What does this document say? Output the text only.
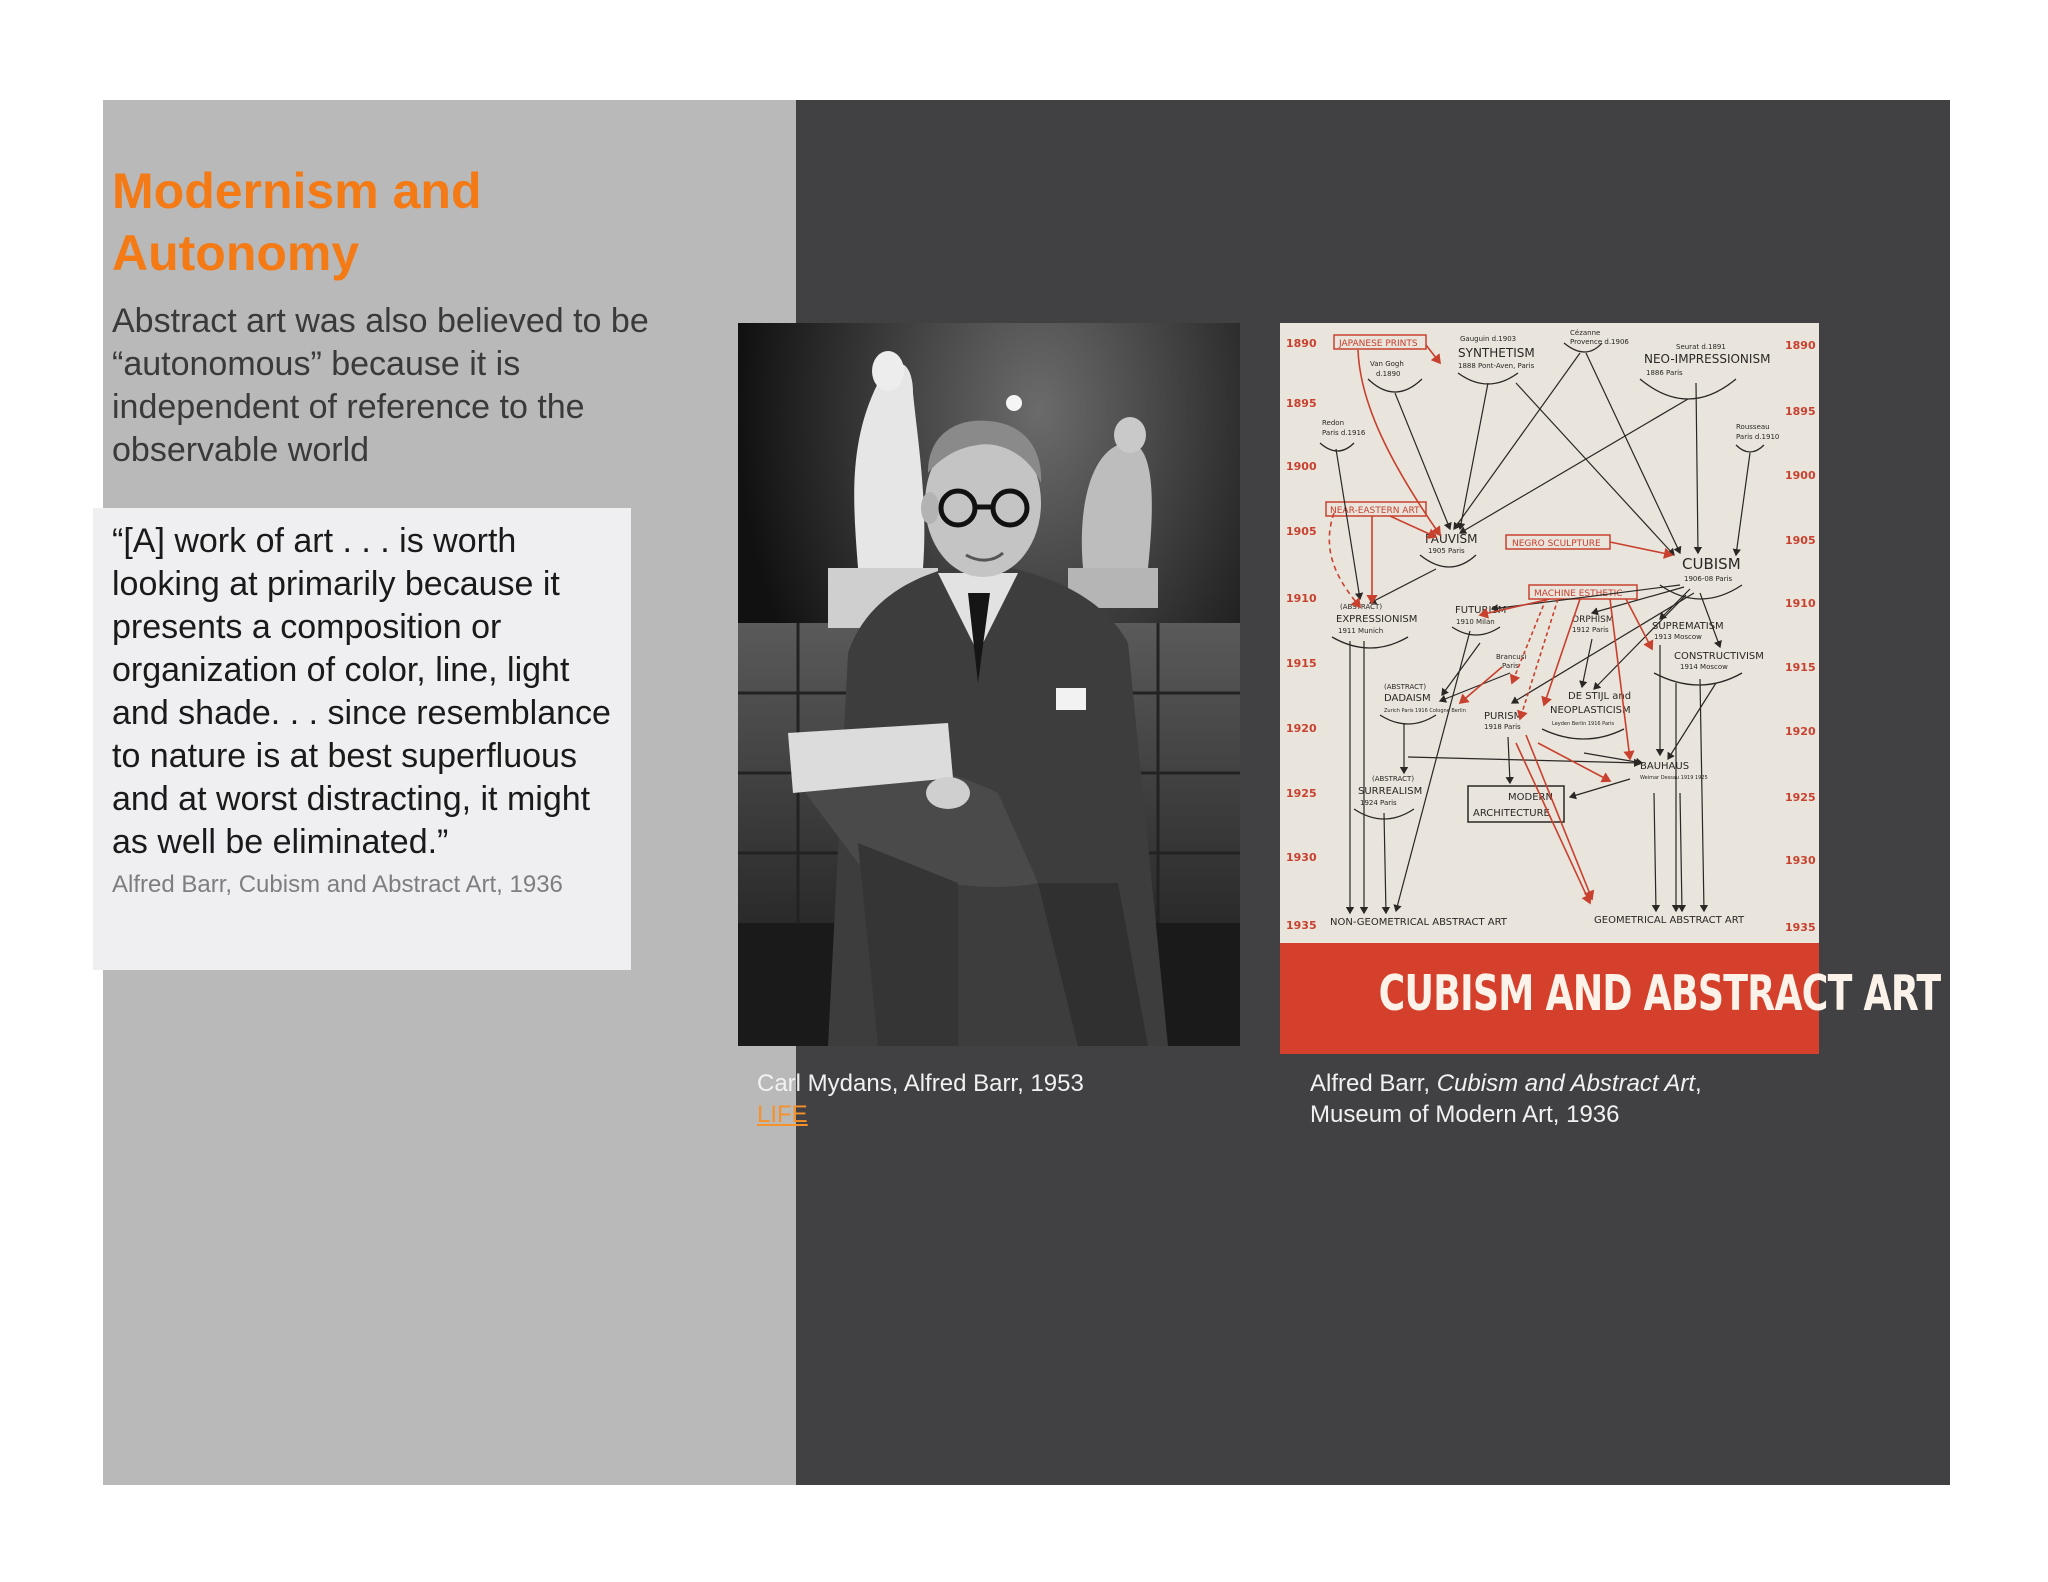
Modernism and
Autonomy

Abstract art was also believed to be “autonomous” because it is independent of reference to the observable world

“[A] work of art . . . is worth looking at primarily because it presents a composition or organization of color, line, light and shade. . . since resemblance to nature is at best superfluous and at worst distracting, it might as well be eliminated.”

Alfred Barr, Cubism and Abstract Art, 1936

Carl Mydans, Alfred Barr, 1953
LIFE
1890
1895
1900
1905
1910
1915
1920
1925
1930
1935
1890
1895
1900
1905
1910
1915
1920
1925
1930
1935
JAPANESE PRINTS
NEAR-EASTERN ART
NEGRO SCULPTURE
MACHINE ESTHETIC
Gauguin d.1903
SYNTHETISM
1888 Pont-Aven, Paris
Cézanne
Provence d.1906
Seurat d.1891
NEO-IMPRESSIONISM
1886 Paris
Van Gogh
d.1890
Redon
Paris d.1916
Rousseau
Paris d.1910
FAUVISM
1905 Paris
CUBISM
1906-08 Paris
(ABSTRACT)
EXPRESSIONISM
1911 Munich
FUTURISM
1910 Milan	ORPHISM
1912 Paris	SUPREMATISM
1913 Moscow
CONSTRUCTIVISM
1914 Moscow
Brancusi
Paris
(ABSTRACT)
DADAISM
Zurich Paris 1916 Cologne Berlin PURISM
1918 Paris
DE STIJL and
NEOPLASTICISM
Leyden Berlin 1916 Paris
BAUHAUS
Weimar Dessau 1919 1925
(ABSTRACT)
SURREALISM
1924 Paris	MODERN
ARCHITECTURE
NON-GEOMETRICAL ABSTRACT ART	GEOMETRICAL ABSTRACT ART
CUBISM AND ABSTRACT ART
Alfred Barr, Cubism and Abstract Art,
Museum of Modern Art, 1936
